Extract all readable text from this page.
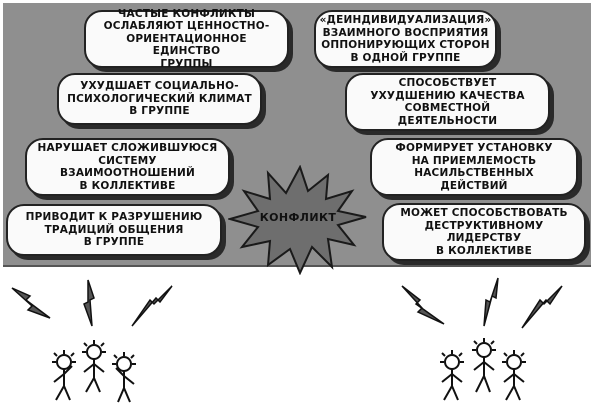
ЧАСТЫЕ КОНФЛИКТЫ
ОСЛАБЛЯЮТ ЦЕННОСТНО-
ОРИЕНТАЦИОННОЕ ЕДИНСТВО
ГРУППЫ
УХУДШАЕТ СОЦИАЛЬНО-
ПСИХОЛОГИЧЕСКИЙ КЛИМАТ
В ГРУППЕ
НАРУШАЕТ СЛОЖИВШУЮСЯ
СИСТЕМУ
ВЗАИМООТНОШЕНИЙ
В КОЛЛЕКТИВЕ
ПРИВОДИТ К РАЗРУШЕНИЮ
ТРАДИЦИЙ ОБЩЕНИЯ
В ГРУППЕ
«ДЕИНДИВИДУАЛИЗАЦИЯ»
ВЗАИМНОГО ВОСПРИЯТИЯ
ОППОНИРУЮЩИХ СТОРОН
В ОДНОЙ ГРУППЕ
СПОСОБСТВУЕТ
УХУДШЕНИЮ КАЧЕСТВА
СОВМЕСТНОЙ
ДЕЯТЕЛЬНОСТИ
ФОРМИРУЕТ УСТАНОВКУ
НА ПРИЕМЛЕМОСТЬ
НАСИЛЬСТВЕННЫХ
ДЕЙСТВИЙ
МОЖЕТ СПОСОБСТВОВАТЬ
ДЕСТРУКТИВНОМУ
ЛИДЕРСТВУ
В КОЛЛЕКТИВЕ
КОНФЛИКТ
